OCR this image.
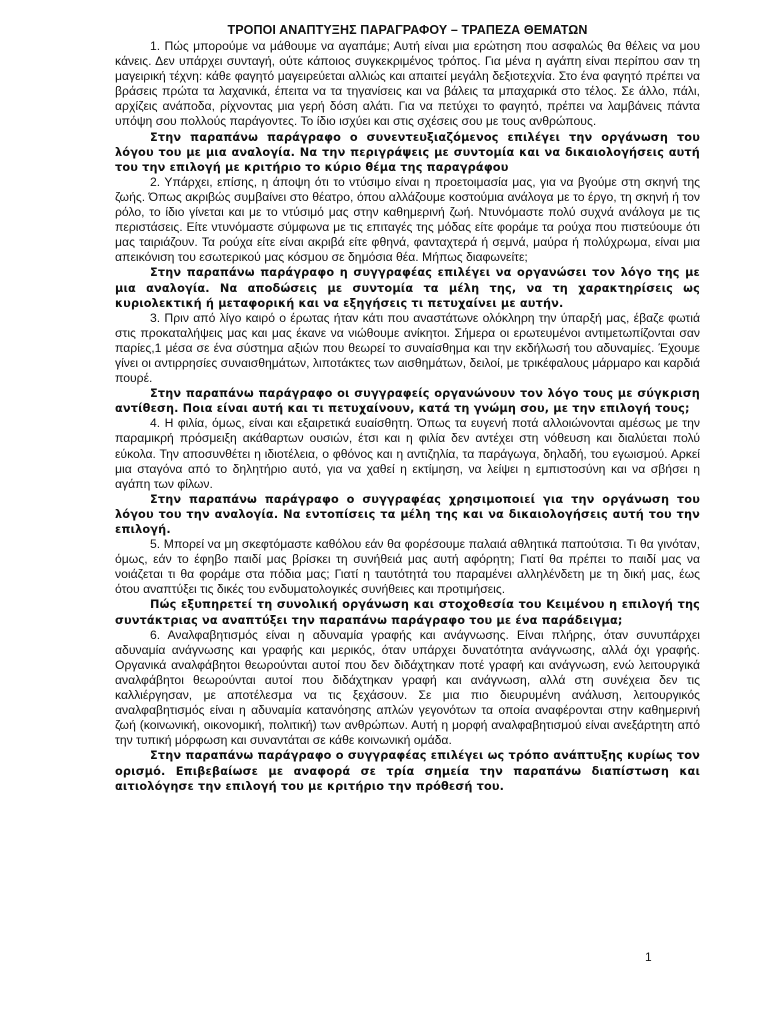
ΤΡΟΠΟΙ ΑΝΑΠΤΥΞΗΣ ΠΑΡΑΓΡΑΦΟΥ – ΤΡΑΠΕΖΑ ΘΕΜΑΤΩΝ

1. Πώς μπορούμε να μάθουμε να αγαπάμε; Αυτή είναι μια ερώτηση που ασφαλώς θα θέλεις να μου κάνεις. Δεν υπάρχει συνταγή, ούτε κάποιος συγκεκριμένος τρόπος. Για μένα η αγάπη είναι περίπου σαν τη μαγειρική τέχνη: κάθε φαγητό μαγειρεύεται αλλιώς και απαιτεί μεγάλη δεξιοτεχνία. Στο ένα φαγητό πρέπει να βράσεις πρώτα τα λαχανικά, έπειτα να τα τηγανίσεις και να βάλεις τα μπαχαρικά στο τέλος. Σε άλλο, πάλι, αρχίζεις ανάποδα, ρίχνοντας μια γερή δόση αλάτι. Για να πετύχει το φαγητό, πρέπει να λαμβάνεις πάντα υπόψη σου πολλούς παράγοντες. Το ίδιο ισχύει και στις σχέσεις σου με τους ανθρώπους.

Στην παραπάνω παράγραφο ο συνεντευξιαζόμενος επιλέγει την οργάνωση του λόγου του με μια αναλογία. Να την περιγράψεις με συντομία και να δικαιολογήσεις αυτή του την επιλογή με κριτήριο το κύριο θέμα της παραγράφου

2. Υπάρχει, επίσης, η άποψη ότι το ντύσιμο είναι η προετοιμασία μας, για να βγούμε στη σκηνή της ζωής. Όπως ακριβώς συμβαίνει στο θέατρο, όπου αλλάζουμε κοστούμια ανάλογα με το έργο, τη σκηνή ή τον ρόλο, το ίδιο γίνεται και με το ντύσιμό μας στην καθημερινή ζωή. Ντυνόμαστε πολύ συχνά ανάλογα με τις περιστάσεις. Είτε ντυνόμαστε σύμφωνα με τις επιταγές της μόδας είτε φοράμε τα ρούχα που πιστεύουμε ότι μας ταιριάζουν. Τα ρούχα είτε είναι ακριβά είτε φθηνά, φανταχτερά ή σεμνά, μαύρα ή πολύχρωμα, είναι μια απεικόνιση του εσωτερικού μας κόσμου σε δημόσια θέα. Μήπως διαφωνείτε;

Στην παραπάνω παράγραφο η συγγραφέας επιλέγει να οργανώσει τον λόγο της με μια αναλογία. Να αποδώσεις με συντομία τα μέλη της, να τη χαρακτηρίσεις ως κυριολεκτική ή μεταφορική και να εξηγήσεις τι πετυχαίνει με αυτήν.

3. Πριν από λίγο καιρό ο έρωτας ήταν κάτι που αναστάτωνε ολόκληρη την ύπαρξή μας, έβαζε φωτιά στις προκαταλήψεις μας και μας έκανε να νιώθουμε ανίκητοι. Σήμερα οι ερωτευμένοι αντιμετωπίζονται σαν παρίες,1 μέσα σε ένα σύστημα αξιών που θεωρεί το συναίσθημα και την εκδήλωσή του αδυναμίες. Έχουμε γίνει οι αντιρρησίες συναισθημάτων, λιποτάκτες των αισθημάτων, δειλοί, με τρικέφαλους μάρμαρο και καρδιά πουρέ.

Στην παραπάνω παράγραφο οι συγγραφείς οργανώνουν τον λόγο τους με σύγκριση αντίθεση. Ποια είναι αυτή και τι πετυχαίνουν, κατά τη γνώμη σου, με την επιλογή τους;

4. Η φιλία, όμως, είναι και εξαιρετικά ευαίσθητη. Όπως τα ευγενή ποτά αλλοιώνονται αμέσως με την παραμικρή πρόσμειξη ακάθαρτων ουσιών, έτσι και η φιλία δεν αντέχει στη νόθευση και διαλύεται πολύ εύκολα. Την αποσυνθέτει η ιδιοτέλεια, ο φθόνος και η αντιζηλία, τα παράγωγα, δηλαδή, του εγωισμού. Αρκεί μια σταγόνα από το δηλητήριο αυτό, για να χαθεί η εκτίμηση, να λείψει η εμπιστοσύνη και να σβήσει η αγάπη των φίλων.

Στην παραπάνω παράγραφο ο συγγραφέας χρησιμοποιεί για την οργάνωση του λόγου του την αναλογία. Να εντοπίσεις τα μέλη της και να δικαιολογήσεις αυτή του την επιλογή.

5. Μπορεί να μη σκεφτόμαστε καθόλου εάν θα φορέσουμε παλαιά αθλητικά παπούτσια. Τι θα γινόταν, όμως, εάν το έφηβο παιδί μας βρίσκει τη συνήθειά μας αυτή αφόρητη; Γιατί θα πρέπει το παιδί μας να νοιάζεται τι θα φοράμε στα πόδια μας; Γιατί η ταυτότητά του παραμένει αλληλένδετη με τη δική μας, έως ότου αναπτύξει τις δικές του ενδυματολογικές συνήθειες και προτιμήσεις.

Πώς εξυπηρετεί τη συνολική οργάνωση και στοχοθεσία του Κειμένου η επιλογή της συντάκτριας να αναπτύξει την παραπάνω παράγραφο του με ένα παράδειγμα;

6. Αναλφαβητισμός είναι η αδυναμία γραφής και ανάγνωσης. Είναι πλήρης, όταν συνυπάρχει αδυναμία ανάγνωσης και γραφής και μερικός, όταν υπάρχει δυνατότητα ανάγνωσης, αλλά όχι γραφής. Οργανικά αναλφάβητοι θεωρούνται αυτοί που δεν διδάχτηκαν ποτέ γραφή και ανάγνωση, ενώ λειτουργικά αναλφάβητοι θεωρούνται αυτοί που διδάχτηκαν γραφή και ανάγνωση, αλλά στη συνέχεια δεν τις καλλιέργησαν, με αποτέλεσμα να τις ξεχάσουν. Σε μια πιο διευρυμένη ανάλυση, λειτουργικός αναλφαβητισμός είναι η αδυναμία κατανόησης απλών γεγονότων τα οποία αναφέρονται στην καθημερινή ζωή (κοινωνική, οικονομική, πολιτική) των ανθρώπων. Αυτή η μορφή αναλφαβητισμού είναι ανεξάρτητη από την τυπική μόρφωση και συναντάται σε κάθε κοινωνική ομάδα.

Στην παραπάνω παράγραφο ο συγγραφέας επιλέγει ως τρόπο ανάπτυξης κυρίως τον ορισμό. Επιβεβαίωσε με αναφορά σε τρία σημεία την παραπάνω διαπίστωση και αιτιολόγησε την επιλογή του με κριτήριο την πρόθεσή του.

1
